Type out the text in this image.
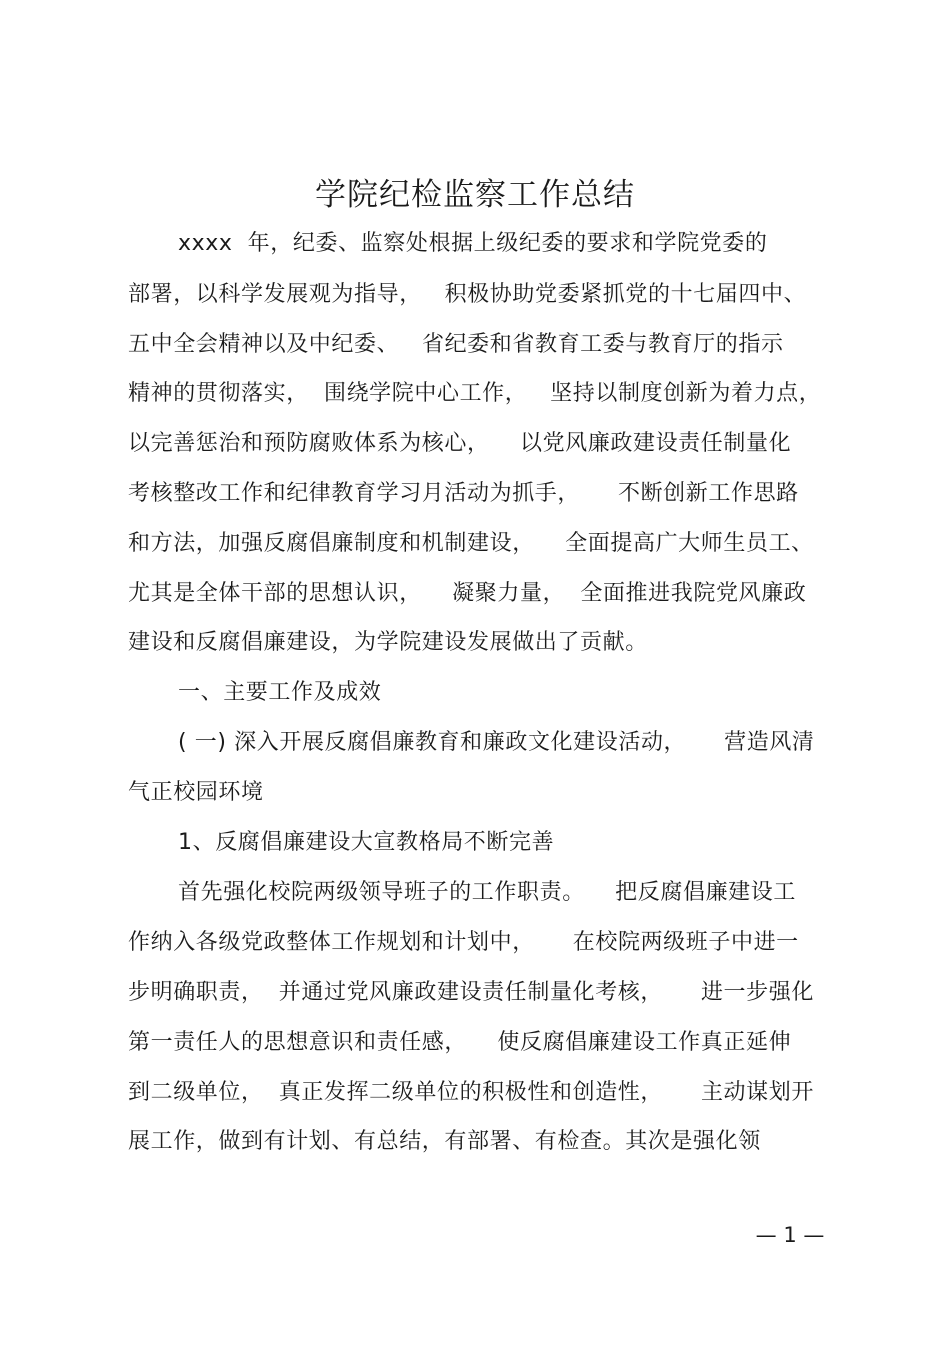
学院纪检监察工作总结
xxxx  年，纪委、监察处根据上级纪委的要求和学院党委的
部署，以科学发展观为指导，   积极协助党委紧抓党的十七届四中、
五中全会精神以及中纪委、   省纪委和省教育工委与教育厅的指示
精神的贯彻落实，  围绕学院中心工作，   坚持以制度创新为着力点，
以完善惩治和预防腐败体系为核心，    以党风廉政建设责任制量化
考核整改工作和纪律教育学习月活动为抓手，     不断创新工作思路
和方法，加强反腐倡廉制度和机制建设，    全面提高广大师生员工、
尤其是全体干部的思想认识，    凝聚力量，  全面推进我院党风廉政
建设和反腐倡廉建设，为学院建设发展做出了贡献。
一、主要工作及成效
( 一) 深入开展反腐倡廉教育和廉政文化建设活动，     营造风清
气正校园环境
1、反腐倡廉建设大宣教格局不断完善
首先强化校院两级领导班子的工作职责。    把反腐倡廉建设工
作纳入各级党政整体工作规划和计划中，     在校院两级班子中进一
步明确职责，  并通过党风廉政建设责任制量化考核，     进一步强化
第一责任人的思想意识和责任感，    使反腐倡廉建设工作真正延伸
到二级单位，  真正发挥二级单位的积极性和创造性，     主动谋划开
展工作，做到有计划、有总结，有部署、有检查。其次是强化领
— 1 —
